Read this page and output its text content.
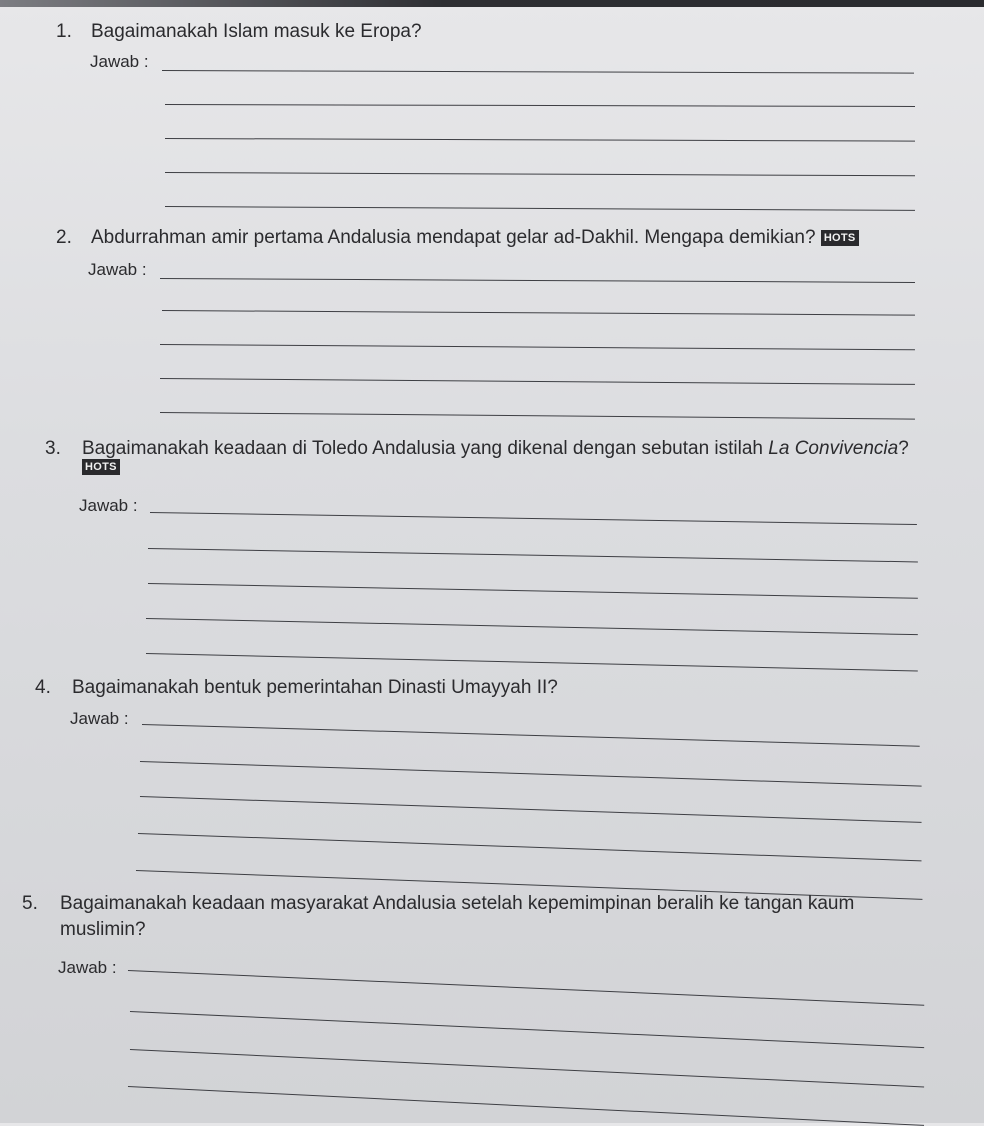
1. Bagaimanakah Islam masuk ke Eropa?

Jawab :

2. Abdurrahman amir pertama Andalusia mendapat gelar ad-Dakhil. Mengapa demikian? HOTS

Jawab :

3. Bagaimanakah keadaan di Toledo Andalusia yang dikenal dengan sebutan istilah La Convivencia?

HOTS

Jawab :

4. Bagaimanakah bentuk pemerintahan Dinasti Umayyah II?

Jawab :

5. Bagaimanakah keadaan masyarakat Andalusia setelah kepemimpinan beralih ke tangan kaum

muslimin?

Jawab :
